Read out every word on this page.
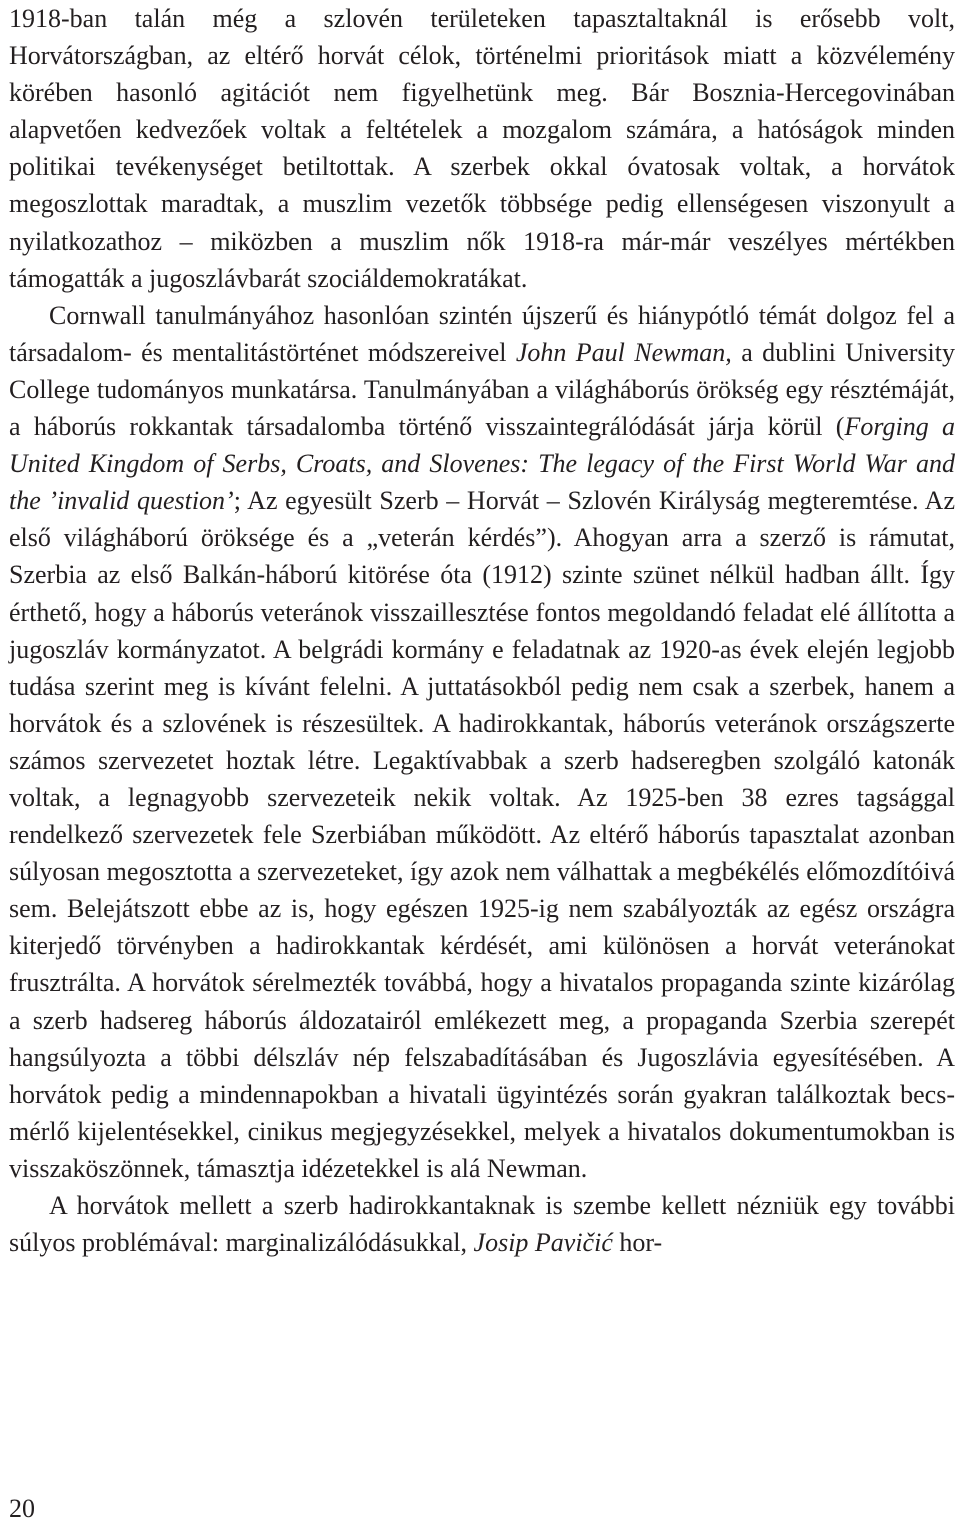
1918-ban talán még a szlovén területeken tapasztaltaknál is erősebb volt, Horvátországban, az eltérő horvát célok, történelmi prioritások miatt a közvélemény körében hasonló agitációt nem figyelhetünk meg. Bár Bosznia-Hercegovinában alapvetően kedvezőek voltak a feltételek a mozgalom számára, a hatóságok minden politikai tevékenységet betiltottak. A szerbek okkal óvatosak voltak, a horvátok megoszlottak maradtak, a muszlim vezetők többsége pedig ellenségesen viszonyult a nyilatkozathoz – miközben a muszlim nők 1918-ra már-már veszélyes mértékben támogatták a jugoszlávbarát szociáldemokratákat.

Cornwall tanulmányához hasonlóan szintén újszerű és hiánypótló témát dolgoz fel a társadalom- és mentalitástörténet módszereivel John Paul Newman, a dublini University College tudományos munkatársa. Tanulmányában a világháborús örökség egy résztémáját, a háborús rokkantak társadalomba történő visszaintegrálódását járja körül (Forging a United Kingdom of Serbs, Croats, and Slovenes: The legacy of the First World War and the ’invalid question’; Az egyesült Szerb – Horvát – Szlovén Királyság megteremtése. Az első világháború öröksége és a „veterán kérdés”). Ahogyan arra a szerző is rámutat, Szerbia az első Balkán-háború kitörése óta (1912) szinte szünet nélkül hadban állt. Így érthető, hogy a háborús veteránok visszaillesztése fontos megoldandó feladat elé állította a jugoszláv kormányzatot. A belgrádi kormány e feladatnak az 1920-as évek elején legjobb tudása szerint meg is kívánt felelni. A juttatásokból pedig nem csak a szerbek, hanem a horvátok és a szlovének is részesültek. A hadirokkantak, háborús veteránok országszerte számos szervezetet hoztak létre. Legaktívabbak a szerb hadseregben szolgáló katonák voltak, a legnagyobb szervezeteik nekik voltak. Az 1925-ben 38 ezres tagsággal rendelkező szervezetek fele Szerbiában működött. Az eltérő háborús tapasztalat azonban súlyosan megosztotta a szervezeteket, így azok nem válhattak a megbékélés előmozdítóivá sem. Belejátszott ebbe az is, hogy egészen 1925-ig nem szabályozták az egész országra kiterjedő törvényben a hadirokkantak kérdését, ami különösen a horvát veteránokat frusztrálta. A horvátok sérelmezték továbbá, hogy a hivatalos propaganda szinte kizárólag a szerb hadsereg háborús áldozatairól emlékezett meg, a propaganda Szerbia szerepét hangsúlyozta a többi délszláv nép felszabadításában és Jugoszlávia egyesítésében. A horvátok pedig a mindennapokban a hivatali ügyintézés során gyakran találkoztak becsmérlő kijelentésekkel, cinikus megjegyzésekkel, melyek a hivatalos dokumentumokban is visszaköszönnek, támasztja idézetekkel is alá Newman.

A horvátok mellett a szerb hadirokkantaknak is szembe kellett nézniük egy további súlyos problémával: marginalizálódásukkal, Josip Pavičić hor-

20
